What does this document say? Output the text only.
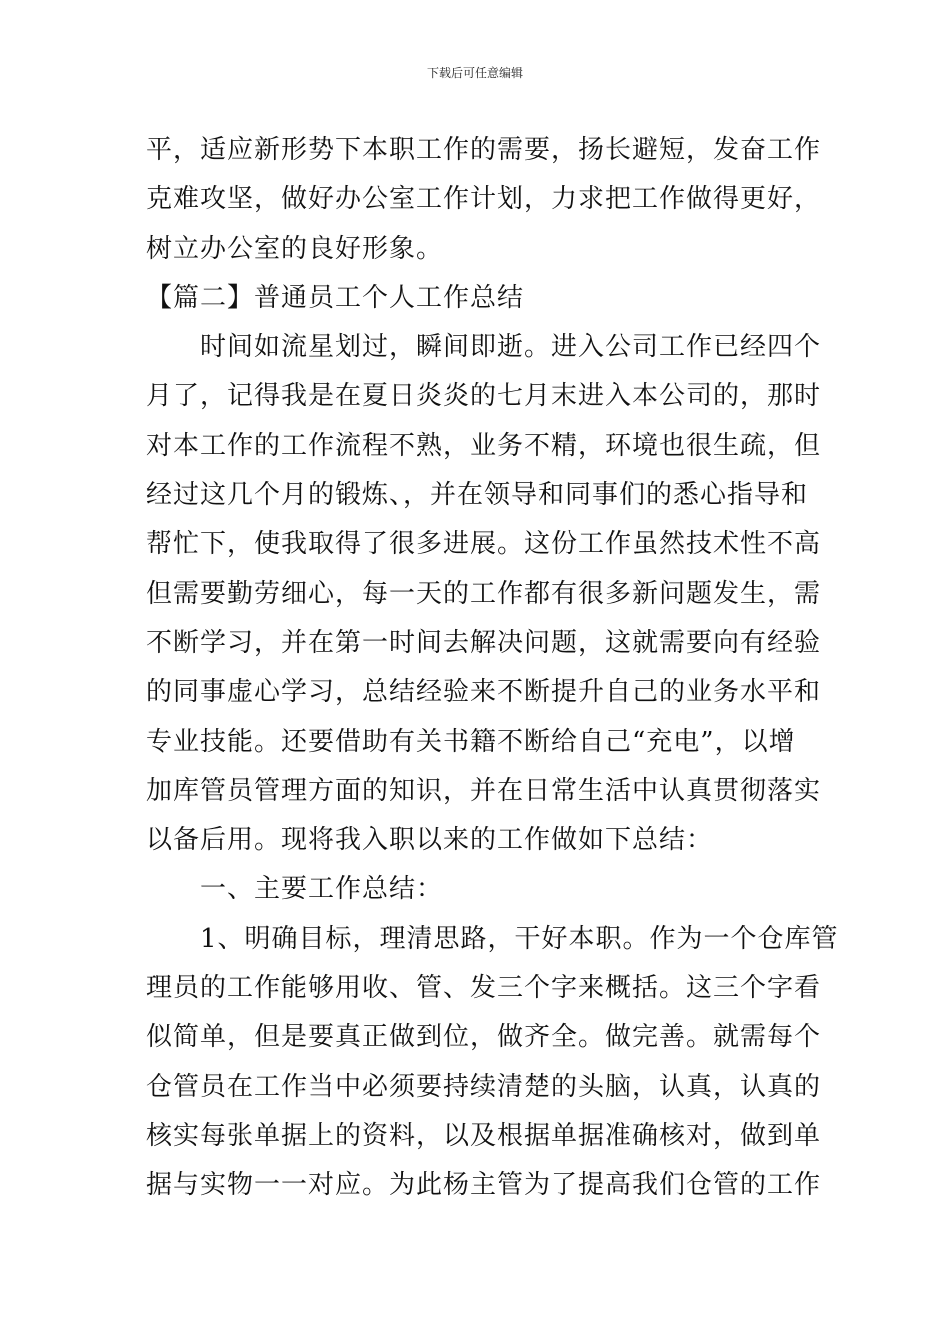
下载后可任意编辑
平，适应新形势下本职工作的需要，扬长避短，发奋工作
克难攻坚，做好办公室工作计划，力求把工作做得更好，
树立办公室的良好形象。
【篇二】普通员工个人工作总结
　　时间如流星划过，瞬间即逝。进入公司工作已经四个
月了，记得我是在夏日炎炎的七月末进入本公司的，那时
对本工作的工作流程不熟，业务不精，环境也很生疏，但
经过这几个月的锻炼、，并在领导和同事们的悉心指导和
帮忙下，使我取得了很多进展。这份工作虽然技术性不高
但需要勤劳细心，每一天的工作都有很多新问题发生，需
不断学习，并在第一时间去解决问题，这就需要向有经验
的同事虚心学习，总结经验来不断提升自己的业务水平和
专业技能。还要借助有关书籍不断给自己“充电”，以增
加库管员管理方面的知识，并在日常生活中认真贯彻落实
以备后用。现将我入职以来的工作做如下总结：
　　一、主要工作总结：
　　1、明确目标，理清思路，干好本职。作为一个仓库管
理员的工作能够用收、管、发三个字来概括。这三个字看
似简单，但是要真正做到位，做齐全。做完善。就需每个
仓管员在工作当中必须要持续清楚的头脑，认真，认真的
核实每张单据上的资料，以及根据单据准确核对，做到单
据与实物一一对应。为此杨主管为了提高我们仓管的工作
